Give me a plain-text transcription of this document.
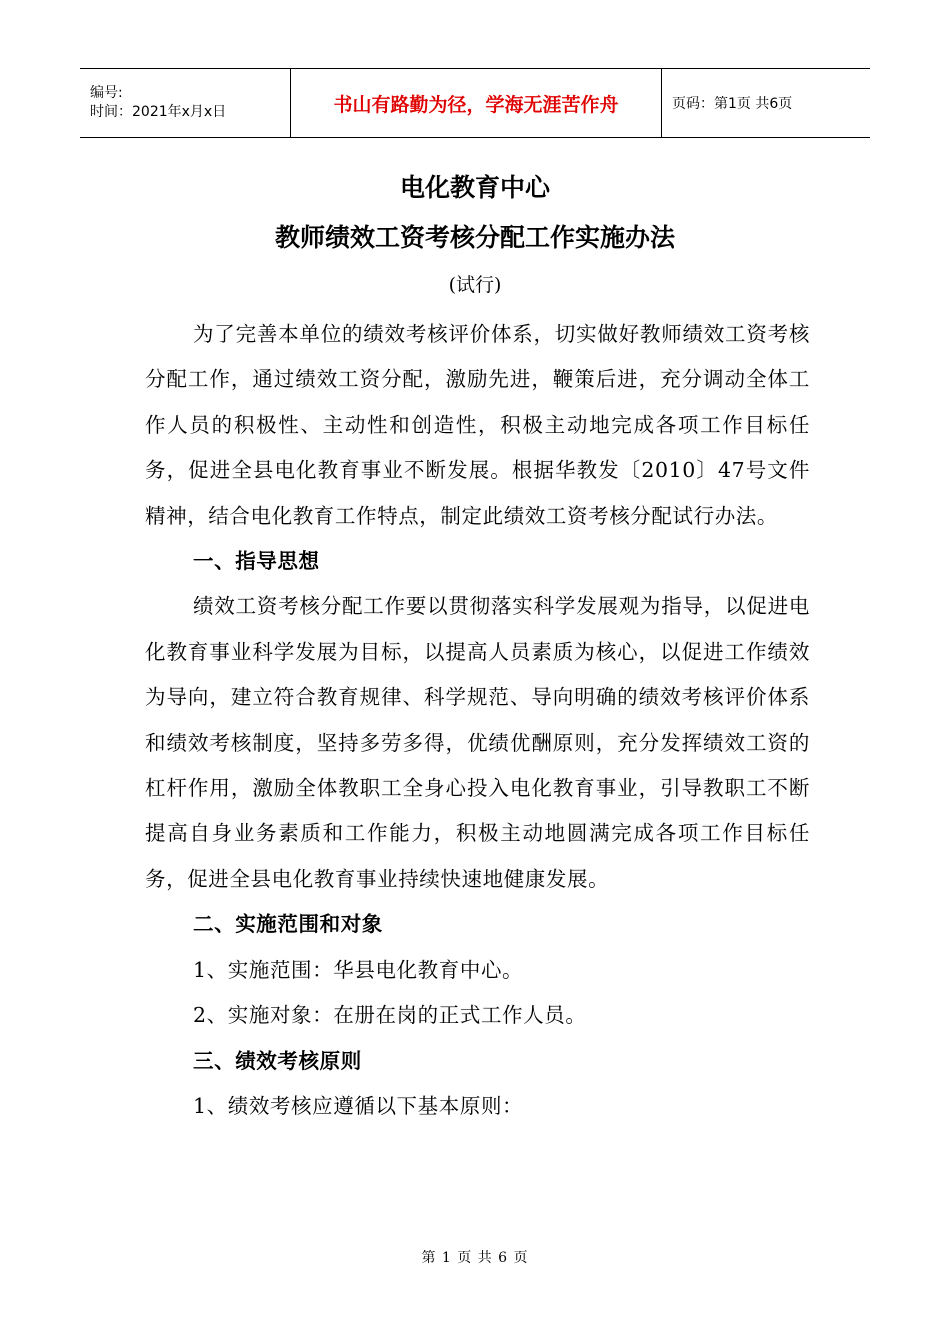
编号:
时间：2021年x月x日	书山有路勤为径，学海无涯苦作舟	页码：第1页 共6页
电化教育中心
教师绩效工资考核分配工作实施办法
(试行)

为了完善本单位的绩效考核评价体系，切实做好教师绩效工资考核分配工作，通过绩效工资分配，激励先进，鞭策后进，充分调动全体工作人员的积极性、主动性和创造性，积极主动地完成各项工作目标任务，促进全县电化教育事业不断发展。根据华教发〔2010〕47号文件精神，结合电化教育工作特点，制定此绩效工资考核分配试行办法。

一、指导思想

绩效工资考核分配工作要以贯彻落实科学发展观为指导，以促进电化教育事业科学发展为目标，以提高人员素质为核心，以促进工作绩效为导向，建立符合教育规律、科学规范、导向明确的绩效考核评价体系和绩效考核制度，坚持多劳多得，优绩优酬原则，充分发挥绩效工资的杠杆作用，激励全体教职工全身心投入电化教育事业，引导教职工不断提高自身业务素质和工作能力，积极主动地圆满完成各项工作目标任务，促进全县电化教育事业持续快速地健康发展。

二、实施范围和对象

1、实施范围：华县电化教育中心。

2、实施对象：在册在岗的正式工作人员。

三、绩效考核原则

1、绩效考核应遵循以下基本原则：

第 1 页 共 6 页
